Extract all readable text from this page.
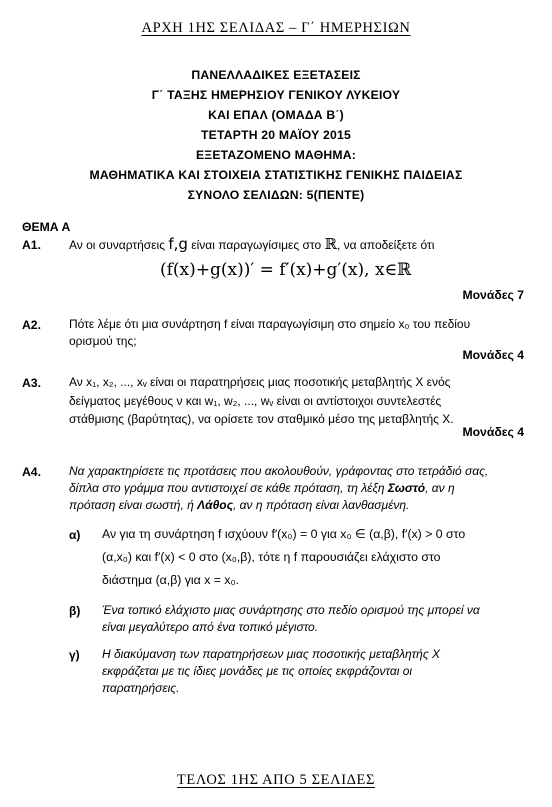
ΑΡΧΗ 1ΗΣ ΣΕΛΙΔΑΣ – Γ΄ ΗΜΕΡΗΣΙΩΝ
ΠΑΝΕΛΛΑΔΙΚΕΣ ΕΞΕΤΑΣΕΙΣ
Γ΄ ΤΑΞΗΣ ΗΜΕΡΗΣΙΟΥ ΓΕΝΙΚΟΥ ΛΥΚΕΙΟΥ
ΚΑΙ ΕΠΑΛ (ΟΜΑΔΑ Β΄)
ΤΕΤΑΡΤΗ 20 ΜΑΪΟΥ 2015
ΕΞΕΤΑΖΟΜΕΝΟ ΜΑΘΗΜΑ:
ΜΑΘΗΜΑΤΙΚΑ ΚΑΙ ΣΤΟΙΧΕΙΑ ΣΤΑΤΙΣΤΙΚΗΣ ΓΕΝΙΚΗΣ ΠΑΙΔΕΙΑΣ
ΣΥΝΟΛΟ ΣΕΛΙΔΩΝ: 5(ΠΕΝΤΕ)
ΘΕΜΑ Α
Α1. Αν οι συναρτήσεις f,g είναι παραγωγίσιμες στο ℝ, να αποδείξετε ότι
(f(x)+g(x))′ = f′(x)+g′(x), x∈ℝ
Μονάδες 7
Α2. Πότε λέμε ότι μια συνάρτηση f είναι παραγωγίσιμη στο σημείο x₀ του πεδίου
ορισμού της;
Μονάδες 4
Α3. Αν x₁, x₂, ..., xᵥ είναι οι παρατηρήσεις μιας ποσοτικής μεταβλητής Χ ενός
δείγματος μεγέθους ν και w₁, w₂, ..., wᵥ είναι οι αντίστοιχοι συντελεστές
στάθμισης (βαρύτητας), να ορίσετε τον σταθμικό μέσο της μεταβλητής Χ.
Μονάδες 4
Α4. Να χαρακτηρίσετε τις προτάσεις που ακολουθούν, γράφοντας στο τετράδιό σας,
δίπλα στο γράμμα που αντιστοιχεί σε κάθε πρόταση, τη λέξη Σωστό, αν η
πρόταση είναι σωστή, ή Λάθος, αν η πρόταση είναι λανθασμένη.
α) Αν για τη συνάρτηση f ισχύουν f′(x₀) = 0 για x₀ ∈ (α,β), f′(x) > 0 στο
(α,x₀) και f′(x) < 0 στο (x₀,β), τότε η f παρουσιάζει ελάχιστο στο
διάστημα (α,β) για x = x₀.
β) Ένα τοπικό ελάχιστο μιας συνάρτησης στο πεδίο ορισμού της μπορεί να
είναι μεγαλύτερο από ένα τοπικό μέγιστο.
γ) Η διακύμανση των παρατηρήσεων μιας ποσοτικής μεταβλητής Χ
εκφράζεται με τις ίδιες μονάδες με τις οποίες εκφράζονται οι
παρατηρήσεις.
ΤΕΛΟΣ 1ΗΣ ΑΠΟ 5 ΣΕΛΙΔΕΣ
